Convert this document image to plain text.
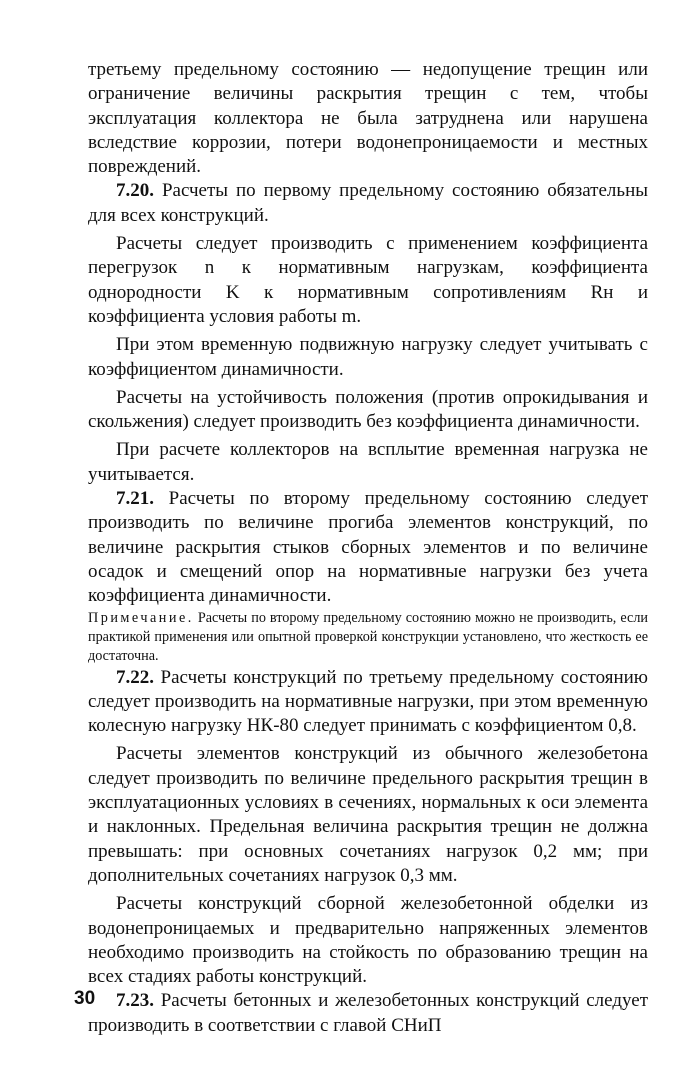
третьему предельному состоянию — недопущение трещин или ограничение величины раскрытия трещин с тем, чтобы эксплуатация коллектора не была затруднена или нарушена вследствие коррозии, потери водонепроницаемости и местных повреждений.

7.20. Расчеты по первому предельному состоянию обязательны для всех конструкций.

Расчеты следует производить с применением коэффициента перегрузок n к нормативным нагрузкам, коэффициента однородности K к нормативным сопротивлениям Rн и коэффициента условия работы m.

При этом временную подвижную нагрузку следует учитывать с коэффициентом динамичности.

Расчеты на устойчивость положения (против опрокидывания и скольжения) следует производить без коэффициента динамичности.

При расчете коллекторов на всплытие временная нагрузка не учитывается.

7.21. Расчеты по второму предельному состоянию следует производить по величине прогиба элементов конструкций, по величине раскрытия стыков сборных элементов и по величине осадок и смещений опор на нормативные нагрузки без учета коэффициента динамичности.

Примечание. Расчеты по второму предельному состоянию можно не производить, если практикой применения или опытной проверкой конструкции установлено, что жесткость ее достаточна.

7.22. Расчеты конструкций по третьему предельному состоянию следует производить на нормативные нагрузки, при этом временную колесную нагрузку НК-80 следует принимать с коэффициентом 0,8.

Расчеты элементов конструкций из обычного железобетона следует производить по величине предельного раскрытия трещин в эксплуатационных условиях в сечениях, нормальных к оси элемента и наклонных. Предельная величина раскрытия трещин не должна превышать: при основных сочетаниях нагрузок 0,2 мм; при дополнительных сочетаниях нагрузок 0,3 мм.

Расчеты конструкций сборной железобетонной обделки из водонепроницаемых и предварительно напряженных элементов необходимо производить на стойкость по образованию трещин на всех стадиях работы конструкций.

7.23. Расчеты бетонных и железобетонных конструкций следует производить в соответствии с главой СНиП

30
